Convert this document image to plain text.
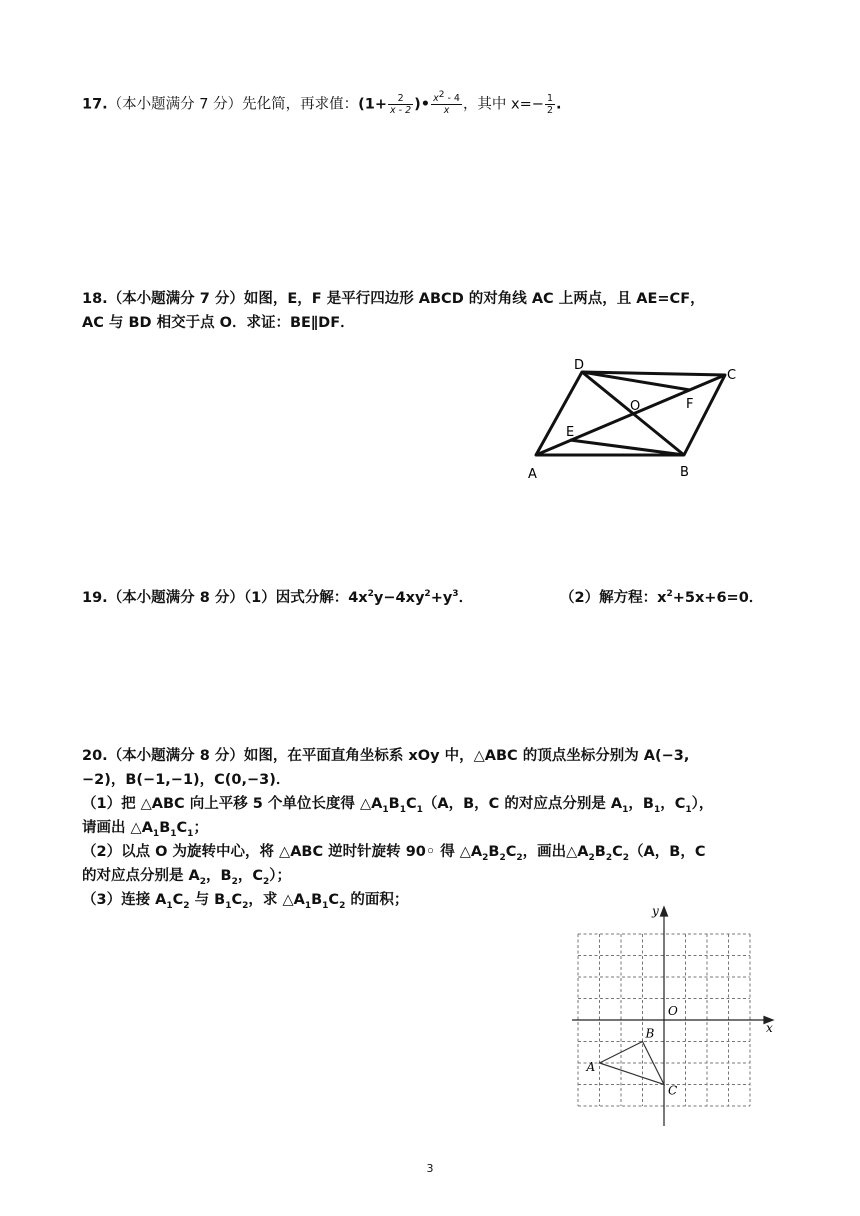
17.（本小题满分 7 分）先化简，再求值：($1+ \frac{2}{x - 2}$ )• $\frac{x^2 - 4}{x}$ ，其中 $x=- \frac{1}{2}$ .
18.（本小题满分 7 分）如图，E，F 是平行四边形 ABCD 的对角线 AC 上两点，且 AE=CF，
AC 与 BD 相交于点 O．求证：BE∥DF．
A	B
C
D
E
F
O
19.（本小题满分 8 分）（1）因式分解：$4x^2y-4xy^2+y^3$．	（2）解方程：$x^2+5x+6=0$．
20.（本小题满分 8 分）如图，在平面直角坐标系 xOy 中，△ABC 的顶点坐标分别为 A(−3,
−2)，B(−1,−1)，C(0,−3)．
（1）把 △ABC 向上平移 5 个单位长度得 $\triangle A_1B_1C_1(A$，B，C 的对应点分别是 $A_1$，$B_1$，$C_1$），
请画出 $\triangle A_1B_1C_1$；
（2）以点 O 为旋转中心，将 △ABC 逆时针旋转 90◦ 得 $\triangle A_2B_2C_2$，画出$\triangle A_2B_2C_2(A$，B，C
的对应点分别是 $A_2$，$B_2$，$C_2$）；
（3）连接 $A_1C_2$ 与 $B_1C_2$，求 $\triangle A_1B_1C_2$ 的面积；
x
y
O
A
B
C
3
